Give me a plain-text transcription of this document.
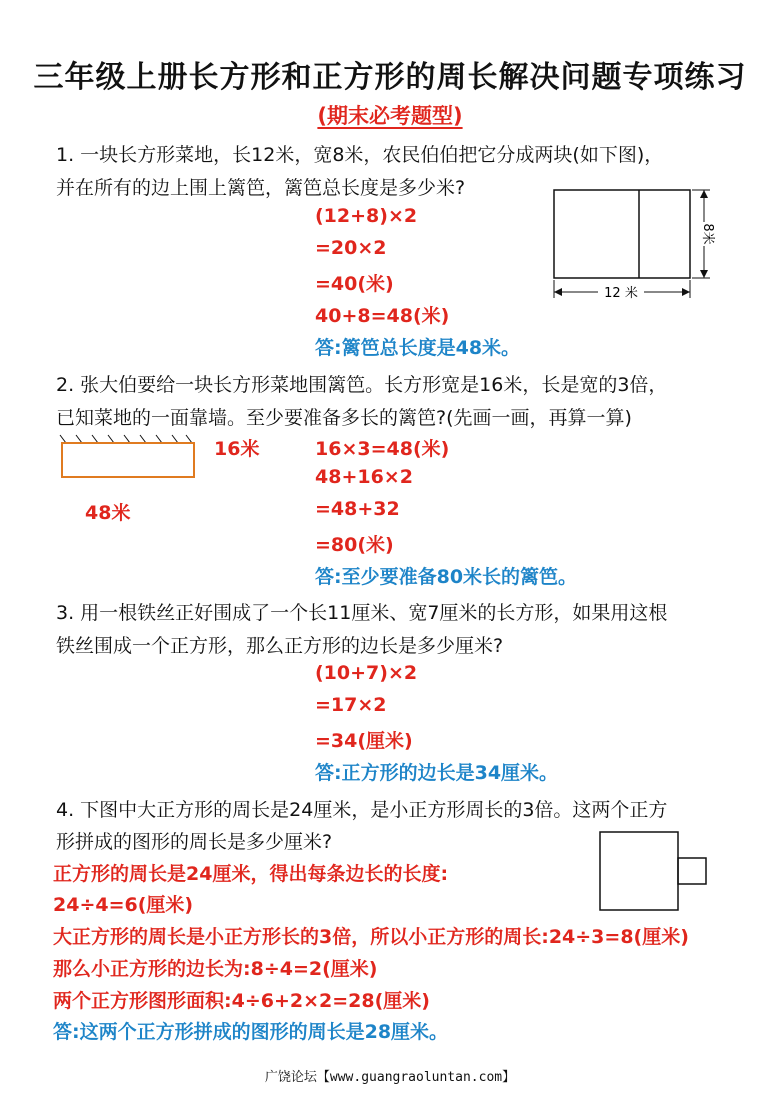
三年级上册长方形和正方形的周长解决问题专项练习
(期末必考题型)
1. 一块长方形菜地，长12米，宽8米，农民伯伯把它分成两块(如下图)，
并在所有的边上围上篱笆，篱笆总长度是多少米?
(12+8)×2
=20×2
=40(米)
40+8=48(米)
答:篱笆总长度是48米。
8米
12 米
2. 张大伯要给一块长方形菜地围篱笆。长方形宽是16米，长是宽的3倍，
已知菜地的一面靠墙。至少要准备多长的篱笆?(先画一画，再算一算)
16米
48米
16×3=48(米)
48+16×2
=48+32
=80(米)
答:至少要准备80米长的篱笆。
3. 用一根铁丝正好围成了一个长11厘米、宽7厘米的长方形，如果用这根
铁丝围成一个正方形，那么正方形的边长是多少厘米?
(10+7)×2
=17×2
=34(厘米)
答:正方形的边长是34厘米。
4. 下图中大正方形的周长是24厘米，是小正方形周长的3倍。这两个正方
形拼成的图形的周长是多少厘米?
正方形的周长是24厘米，得出每条边长的长度:
24÷4=6(厘米)
大正方形的周长是小正方形长的3倍，所以小正方形的周长:24÷3=8(厘米)
那么小正方形的边长为:8÷4=2(厘米)
两个正方形图形面积:4÷6+2×2=28(厘米)
答:这两个正方形拼成的图形的周长是28厘米。
广饶论坛【www.guangraoluntan.com】
